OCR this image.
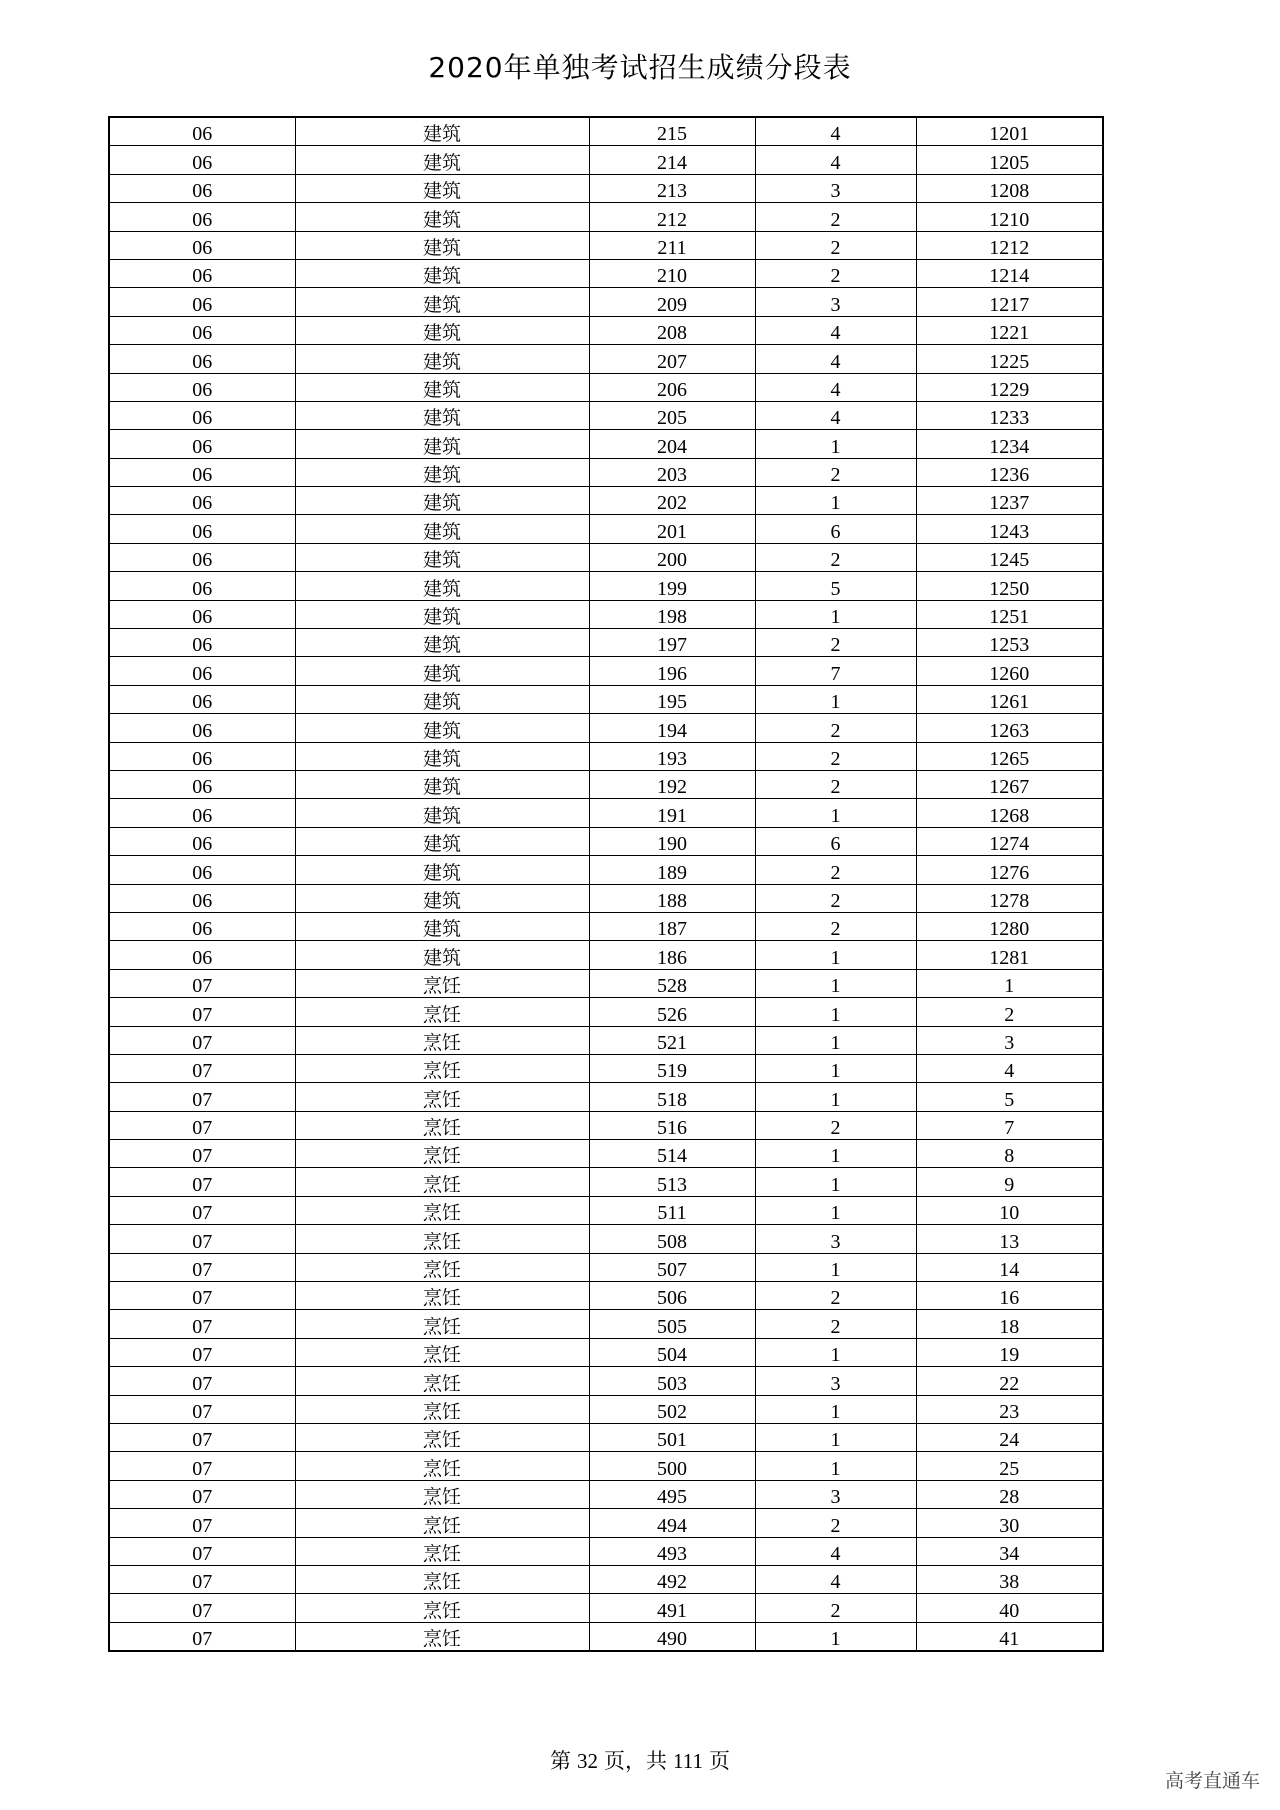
2020年单独考试招生成绩分段表
06	建筑	215	4	1201
06	建筑	214	4	1205
06	建筑	213	3	1208
06	建筑	212	2	1210
06	建筑	211	2	1212
06	建筑	210	2	1214
06	建筑	209	3	1217
06	建筑	208	4	1221
06	建筑	207	4	1225
06	建筑	206	4	1229
06	建筑	205	4	1233
06	建筑	204	1	1234
06	建筑	203	2	1236
06	建筑	202	1	1237
06	建筑	201	6	1243
06	建筑	200	2	1245
06	建筑	199	5	1250
06	建筑	198	1	1251
06	建筑	197	2	1253
06	建筑	196	7	1260
06	建筑	195	1	1261
06	建筑	194	2	1263
06	建筑	193	2	1265
06	建筑	192	2	1267
06	建筑	191	1	1268
06	建筑	190	6	1274
06	建筑	189	2	1276
06	建筑	188	2	1278
06	建筑	187	2	1280
06	建筑	186	1	1281
07	烹饪	528	1	1
07	烹饪	526	1	2
07	烹饪	521	1	3
07	烹饪	519	1	4
07	烹饪	518	1	5
07	烹饪	516	2	7
07	烹饪	514	1	8
07	烹饪	513	1	9
07	烹饪	511	1	10
07	烹饪	508	3	13
07	烹饪	507	1	14
07	烹饪	506	2	16
07	烹饪	505	2	18
07	烹饪	504	1	19
07	烹饪	503	3	22
07	烹饪	502	1	23
07	烹饪	501	1	24
07	烹饪	500	1	25
07	烹饪	495	3	28
07	烹饪	494	2	30
07	烹饪	493	4	34
07	烹饪	492	4	38
07	烹饪	491	2	40
07	烹饪	490	1	41
第 32 页，共 111 页
高考直通车
